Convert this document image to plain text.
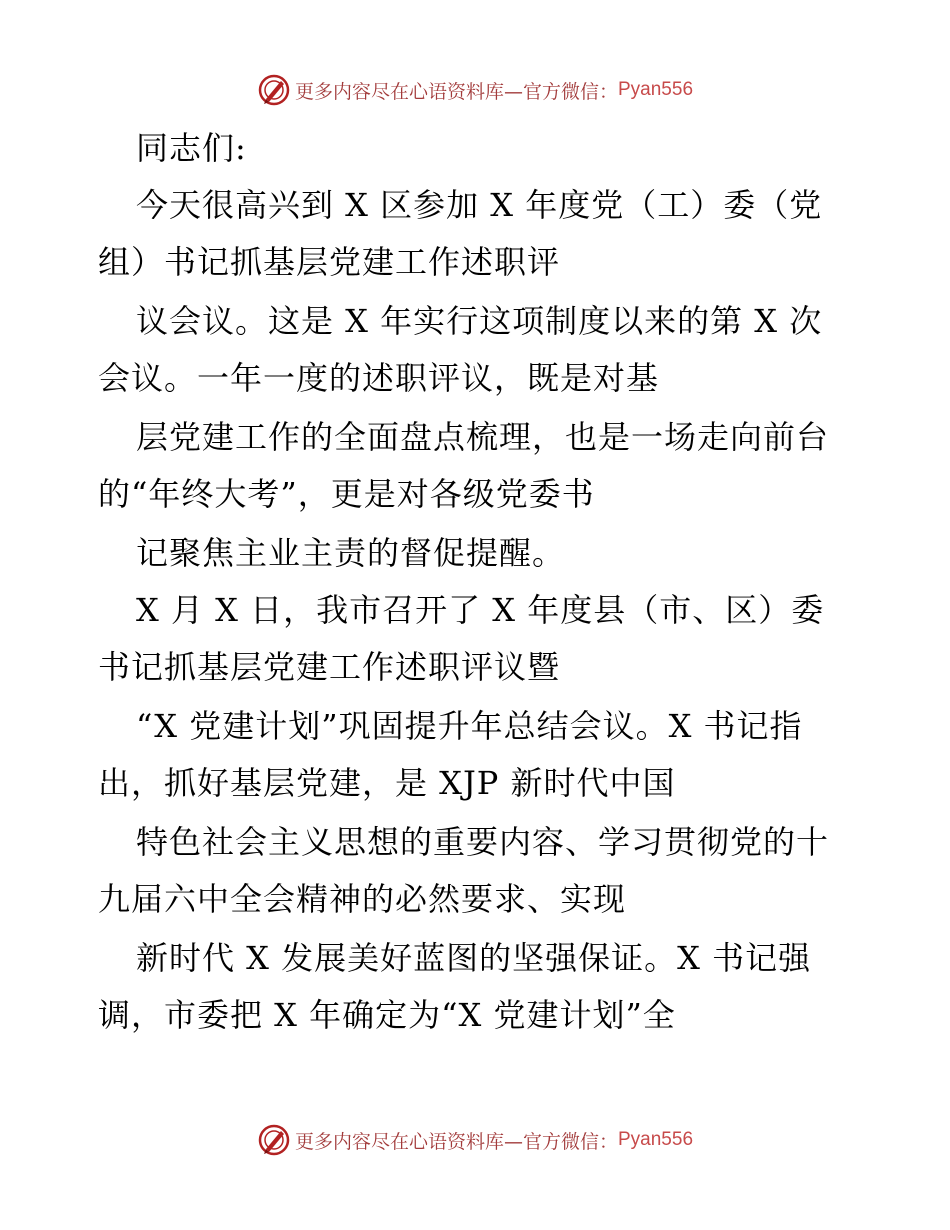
更多内容尽在心语资料库—官方微信： Pyan556
同志们:
今天很高兴到 X 区参加 X 年度党（工）委（党
组）书记抓基层党建工作述职评
议会议。这是 X 年实行这项制度以来的第 X 次
会议。一年一度的述职评议，既是对基
层党建工作的全面盘点梳理，也是一场走向前台
的“年终大考”，更是对各级党委书
记聚焦主业主责的督促提醒。
X 月 X 日，我市召开了 X 年度县（市、区）委
书记抓基层党建工作述职评议暨
“X 党建计划”巩固提升年总结会议。X 书记指
出，抓好基层党建，是 XJP 新时代中国
特色社会主义思想的重要内容、学习贯彻党的十
九届六中全会精神的必然要求、实现
新时代 X 发展美好蓝图的坚强保证。X 书记强
调，市委把 X 年确定为“X 党建计划”全
更多内容尽在心语资料库—官方微信： Pyan556
